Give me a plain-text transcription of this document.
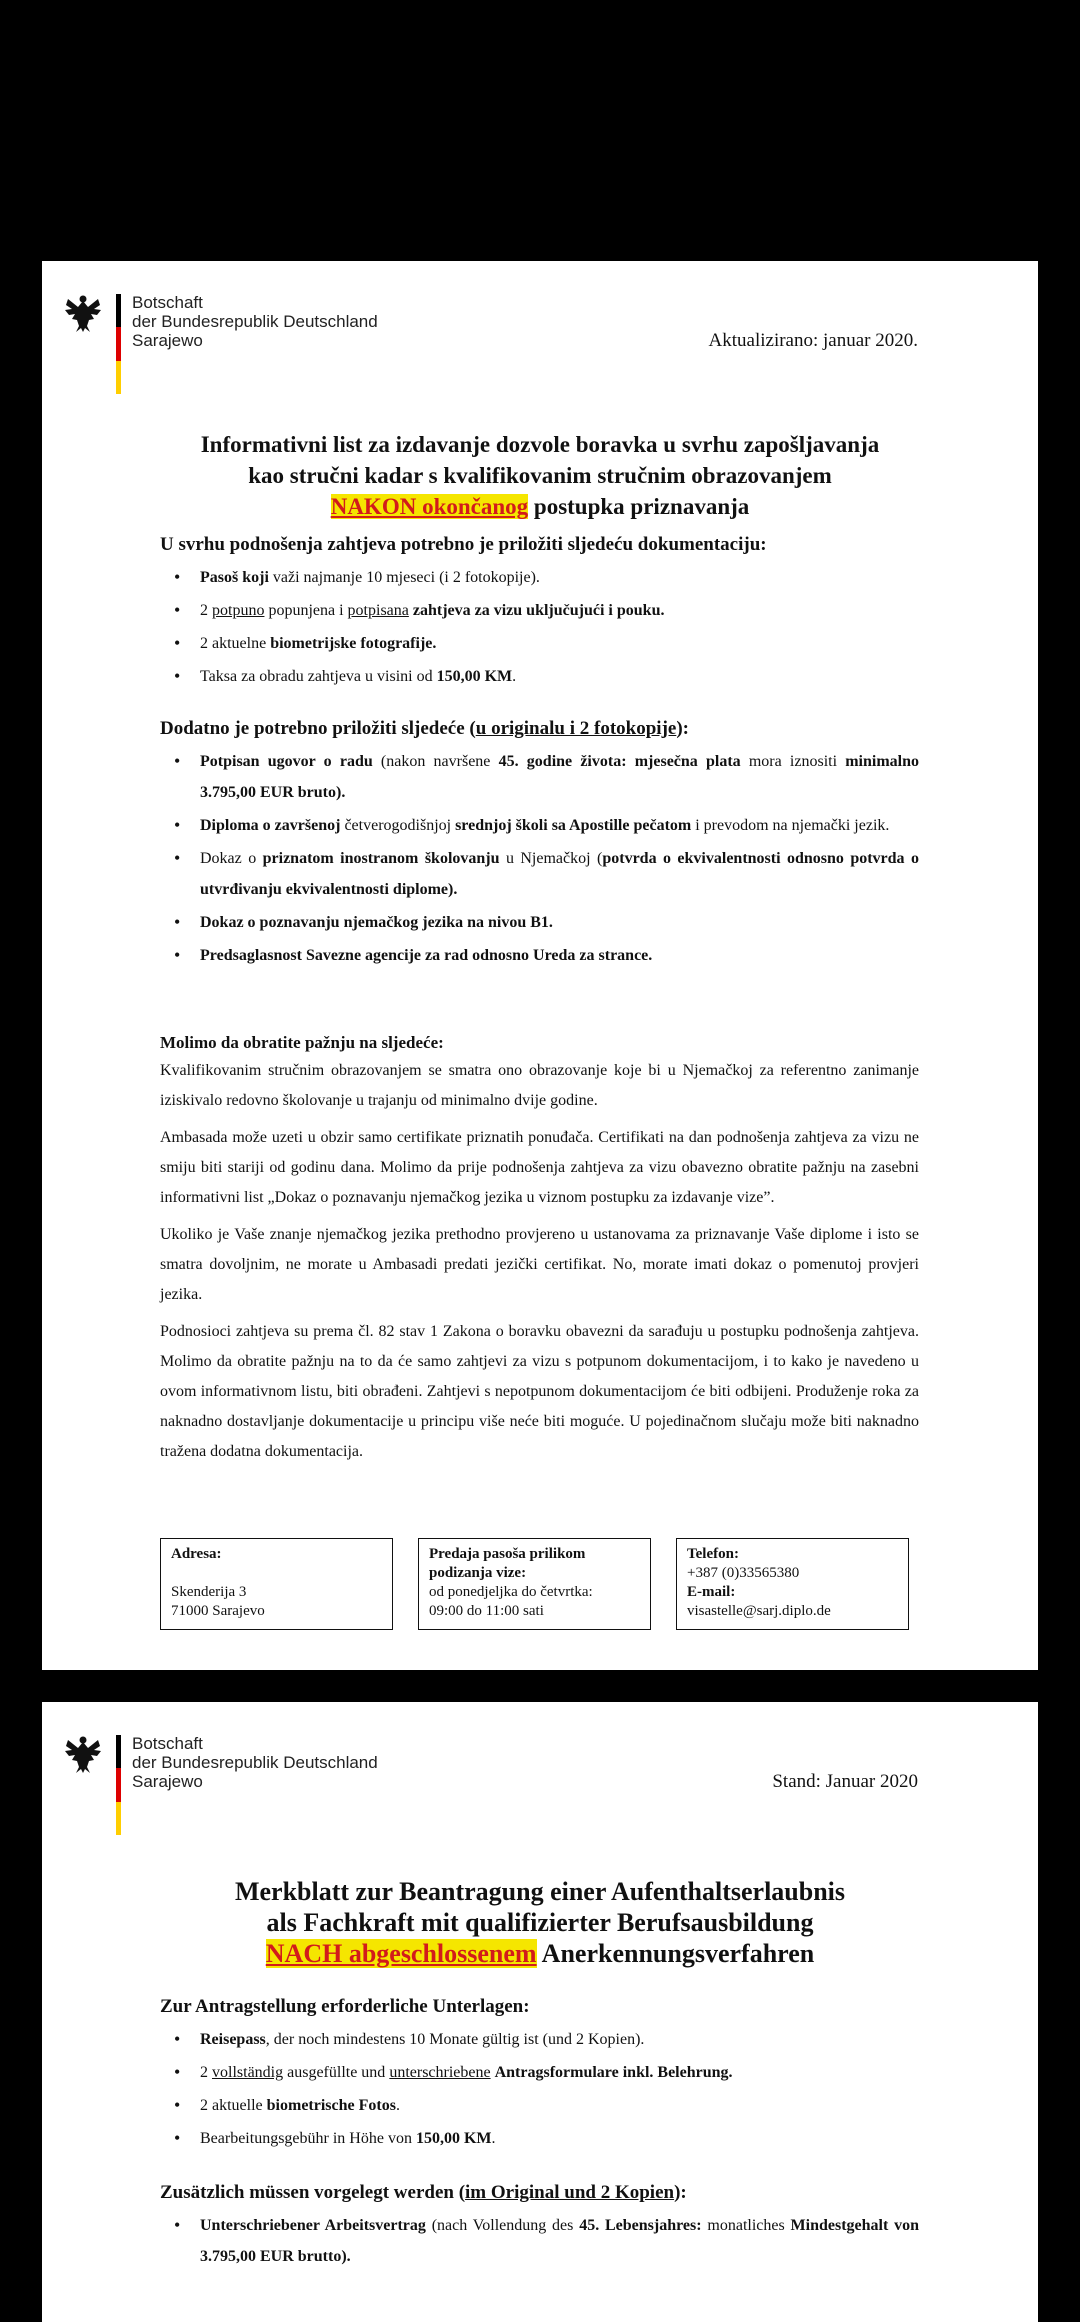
Botschaft
der Bundesrepublik Deutschland
Sarajewo	Aktualizirano: januar 2020.
Informativni list za izdavanje dozvole boravka u svrhu zapošljavanja
kao stručni kadar s kvalifikovanim stručnim obrazovanjem
NAKON okončanog postupka priznavanja
U svrhu podnošenja zahtjeva potrebno je priložiti sljedeću dokumentaciju:
• Pasoš koji važi najmanje 10 mjeseci (i 2 fotokopije).
• 2 potpuno popunjena i potpisana zahtjeva za vizu uključujući i pouku.
• 2 aktuelne biometrijske fotografije.
• Taksa za obradu zahtjeva u visini od 150,00 KM.
Dodatno je potrebno priložiti sljedeće (u originalu i 2 fotokopije):
• Potpisan ugovor o radu (nakon navršene 45. godine života: mjesečna plata mora iznositi minimalno 3.795,00 EUR bruto).
• Diploma o završenoj četverogodišnjoj srednjoj školi sa Apostille pečatom i prevodom na njemački jezik.
• Dokaz o priznatom inostranom školovanju u Njemačkoj (potvrda o ekvivalentnosti odnosno potvrda o utvrđivanju ekvivalentnosti diplome).
• Dokaz o poznavanju njemačkog jezika na nivou B1.
• Predsaglasnost Savezne agencije za rad odnosno Ureda za strance.
Molimo da obratite pažnju na sljedeće:

Kvalifikovanim stručnim obrazovanjem se smatra ono obrazovanje koje bi u Njemačkoj za referentno zanimanje iziskivalo redovno školovanje u trajanju od minimalno dvije godine.

Ambasada može uzeti u obzir samo certifikate priznatih ponuđača. Certifikati na dan podnošenja zahtjeva za vizu ne smiju biti stariji od godinu dana. Molimo da prije podnošenja zahtjeva za vizu obavezno obratite pažnju na zasebni informativni list „Dokaz o poznavanju njemačkog jezika u viznom postupku za izdavanje vize”.

Ukoliko je Vaše znanje njemačkog jezika prethodno provjereno u ustanovama za priznavanje Vaše diplome i isto se smatra dovoljnim, ne morate u Ambasadi predati jezički certifikat. No, morate imati dokaz o pomenutoj provjeri jezika.

Podnosioci zahtjeva su prema čl. 82 stav 1 Zakona o boravku obavezni da sarađuju u postupku podnošenja zahtjeva. Molimo da obratite pažnju na to da će samo zahtjevi za vizu s potpunom dokumentacijom, i to kako je navedeno u ovom informativnom listu, biti obrađeni. Zahtjevi s nepotpunom dokumentacijom će biti odbijeni. Produženje roka za naknadno dostavljanje dokumentacije u principu više neće biti moguće. U pojedinačnom slučaju može biti naknadno tražena dodatna dokumentacija.

Adresa:
Skenderija 3
71000 Sarajevo
Predaja pasoša prilikom podizanja vize:
od ponedjeljka do četvrtka:
09:00 do 11:00 sati
Telefon:
+387 (0)33565380
E-mail:
visastelle@sarj.diplo.de
Botschaft
der Bundesrepublik Deutschland
Sarajewo	Stand: Januar 2020
Merkblatt zur Beantragung einer Aufenthaltserlaubnis
als Fachkraft mit qualifizierter Berufsausbildung
NACH abgeschlossenem Anerkennungsverfahren
Zur Antragstellung erforderliche Unterlagen:
• Reisepass, der noch mindestens 10 Monate gültig ist (und 2 Kopien).
• 2 vollständig ausgefüllte und unterschriebene Antragsformulare inkl. Belehrung.
• 2 aktuelle biometrische Fotos.
• Bearbeitungsgebühr in Höhe von 150,00 KM.
Zusätzlich müssen vorgelegt werden (im Original und 2 Kopien):
• Unterschriebener Arbeitsvertrag (nach Vollendung des 45. Lebensjahres: monatliches Mindestgehalt von 3.795,00 EUR brutto).
